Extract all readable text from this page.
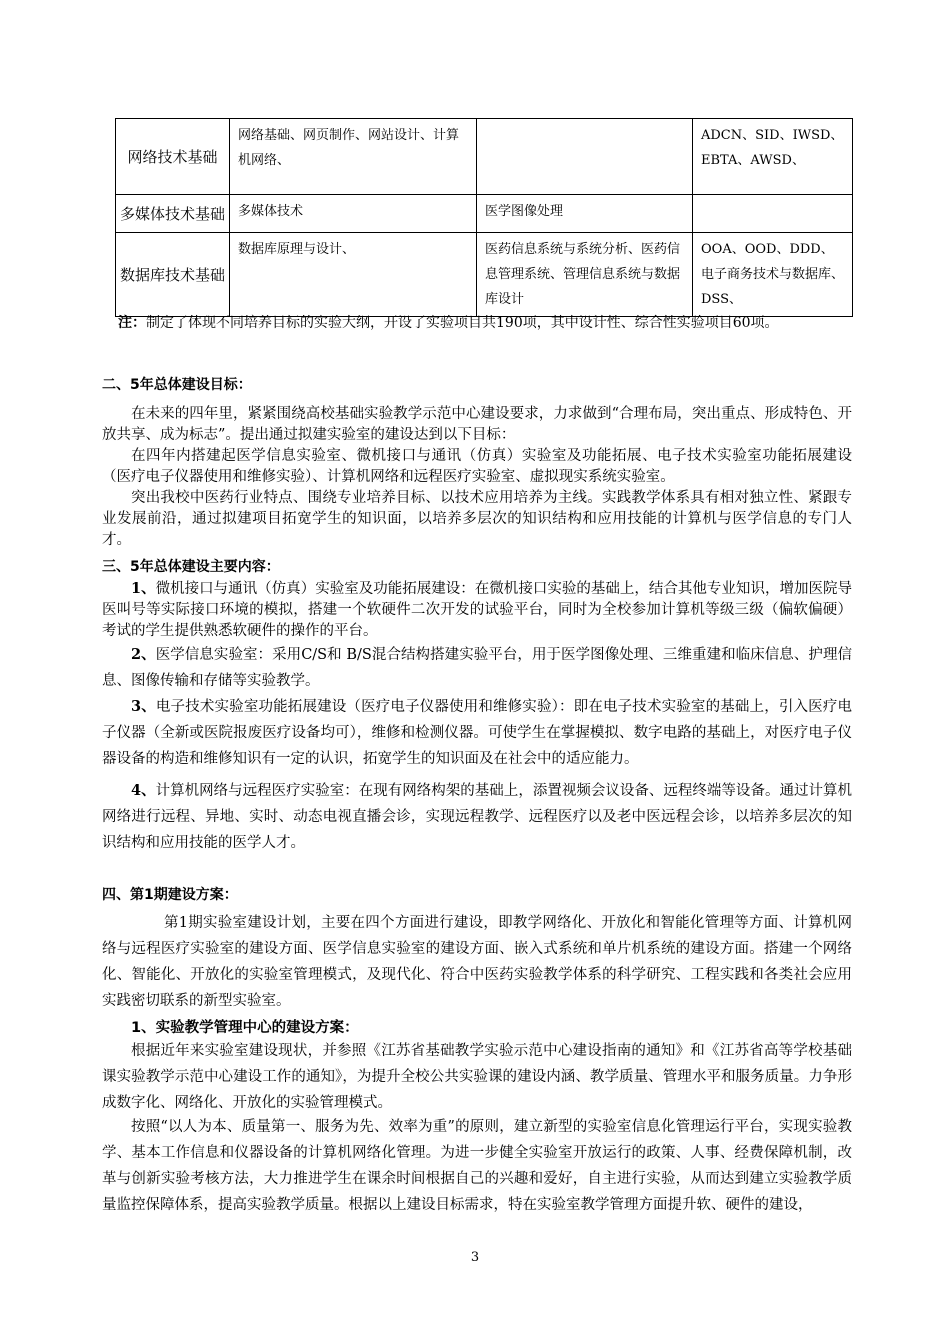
网络技术基础	网络基础、网页制作、网站设计、计算机网络、		ADCN、SID、IWSD、EBTA、AWSD、
多媒体技术基础	多媒体技术	医学图像处理	
数据库技术基础	数据库原理与设计、	医药信息系统与系统分析、医药信息管理系统、管理信息系统与数据库设计	OOA、OOD、DDD、电子商务技术与数据库、DSS、
注：制定了体现不同培养目标的实验大纲，开设了实验项目共190项，其中设计性、综合性实验项目60项。
二、5年总体建设目标：
在未来的四年里，紧紧围绕高校基础实验教学示范中心建设要求，力求做到“合理布局，突出重点、形成特色、开放共享、成为标志”。提出通过拟建实验室的建设达到以下目标：
在四年内搭建起医学信息实验室、微机接口与通讯（仿真）实验室及功能拓展、电子技术实验室功能拓展建设（医疗电子仪器使用和维修实验）、计算机网络和远程医疗实验室、虚拟现实系统实验室。
突出我校中医药行业特点、围绕专业培养目标、以技术应用培养为主线。实践教学体系具有相对独立性、紧跟专业发展前沿，通过拟建项目拓宽学生的知识面，以培养多层次的知识结构和应用技能的计算机与医学信息的专门人才。
三、5年总体建设主要内容：
1、微机接口与通讯（仿真）实验室及功能拓展建设：在微机接口实验的基础上，结合其他专业知识，增加医院导医叫号等实际接口环境的模拟，搭建一个软硬件二次开发的试验平台，同时为全校参加计算机等级三级（偏软偏硬）考试的学生提供熟悉软硬件的操作的平台。
2、医学信息实验室：采用C/S和 B/S混合结构搭建实验平台，用于医学图像处理、三维重建和临床信息、护理信息、图像传输和存储等实验教学。
3、电子技术实验室功能拓展建设（医疗电子仪器使用和维修实验）：即在电子技术实验室的基础上，引入医疗电子仪器（全新或医院报废医疗设备均可），维修和检测仪器。可使学生在掌握模拟、数字电路的基础上，对医疗电子仪器设备的构造和维修知识有一定的认识，拓宽学生的知识面及在社会中的适应能力。
4、计算机网络与远程医疗实验室：在现有网络构架的基础上，添置视频会议设备、远程终端等设备。通过计算机网络进行远程、异地、实时、动态电视直播会诊，实现远程教学、远程医疗以及老中医远程会诊，以培养多层次的知识结构和应用技能的医学人才。
四、第1期建设方案：
第1期实验室建设计划，主要在四个方面进行建设，即教学网络化、开放化和智能化管理等方面、计算机网络与远程医疗实验室的建设方面、医学信息实验室的建设方面、嵌入式系统和单片机系统的建设方面。搭建一个网络化、智能化、开放化的实验室管理模式，及现代化、符合中医药实验教学体系的科学研究、工程实践和各类社会应用实践密切联系的新型实验室。
1、实验教学管理中心的建设方案：
根据近年来实验室建设现状，并参照《江苏省基础教学实验示范中心建设指南的通知》和《江苏省高等学校基础课实验教学示范中心建设工作的通知》，为提升全校公共实验课的建设内涵、教学质量、管理水平和服务质量。力争形成数字化、网络化、开放化的实验管理模式。
按照“以人为本、质量第一、服务为先、效率为重”的原则，建立新型的实验室信息化管理运行平台，实现实验教学、基本工作信息和仪器设备的计算机网络化管理。为进一步健全实验室开放运行的政策、人事、经费保障机制，改革与创新实验考核方法，大力推进学生在课余时间根据自己的兴趣和爱好，自主进行实验，从而达到建立实验教学质量监控保障体系，提高实验教学质量。根据以上建设目标需求，特在实验室教学管理方面提升软、硬件的建设，
3
